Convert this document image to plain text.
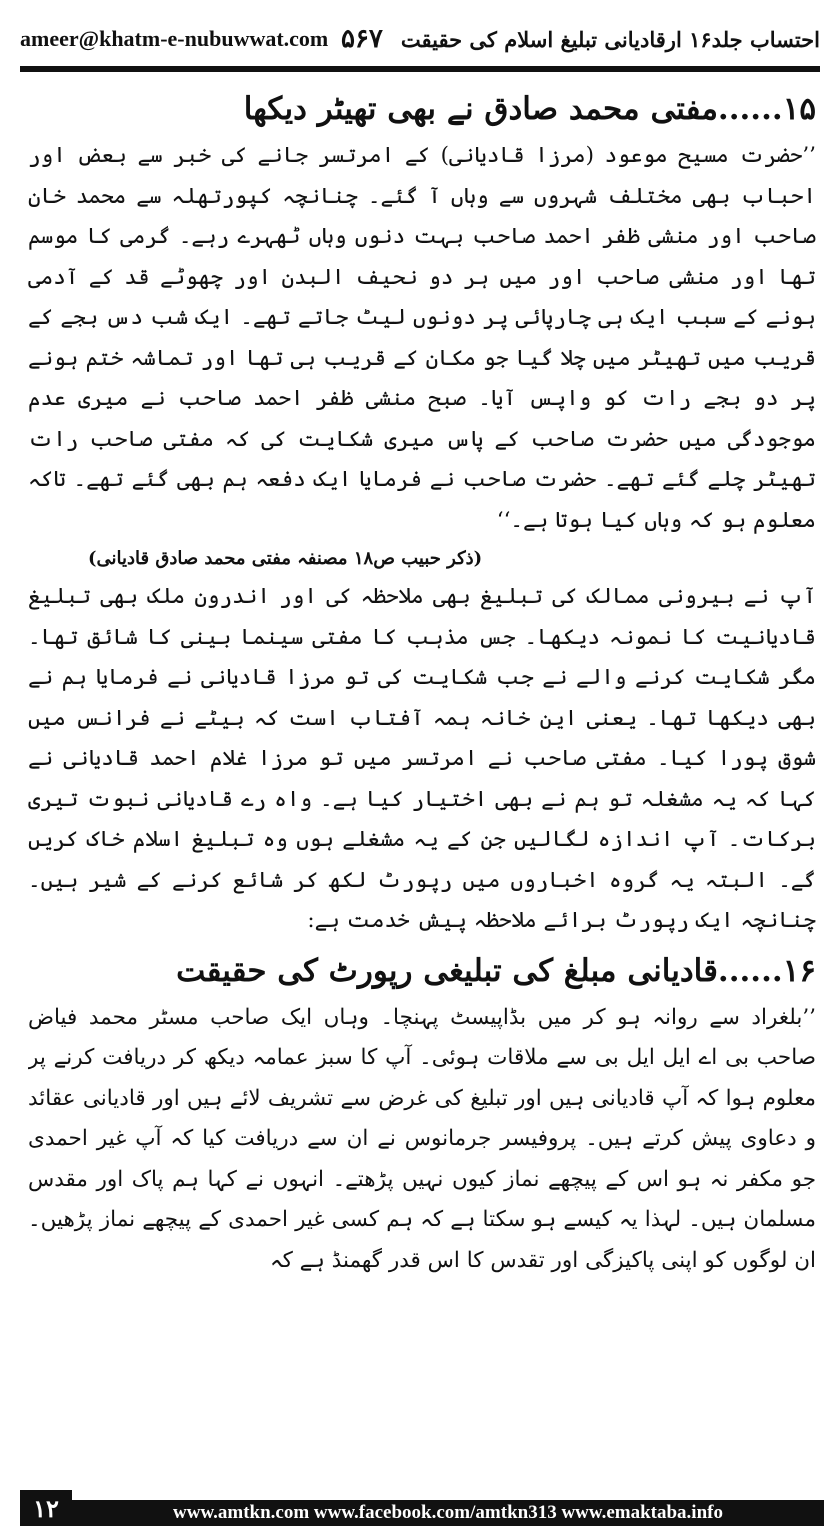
ameer@khatm-e-nubuwwat.com	احتساب جلد۱۶ ارقادیانی تبلیغ اسلام کی حقیقت
۵۶۷
۱۵......مفتی محمد صادق نے بھی تھیٹر دیکھا

’’حضرت مسیح موعود (مرزا قادیانی) کے امرتسر جانے کی خبر سے بعض اور احباب بھی مختلف شہروں سے وہاں آ گئے۔ چنانچہ کپورتھلہ سے محمد خان صاحب اور منشی ظفر احمد صاحب بہت دنوں وہاں ٹھہرے رہے۔ گرمی کا موسم تھا اور منشی صاحب اور میں ہر دو نحیف البدن اور چھوٹے قد کے آدمی ہونے کے سبب ایک ہی چارپائی پر دونوں لیٹ جاتے تھے۔ ایک شب دس بجے کے قریب میں تھیٹر میں چلا گیا جو مکان کے قریب ہی تھا اور تماشہ ختم ہونے پر دو بجے رات کو واپس آیا۔ صبح منشی ظفر احمد صاحب نے میری عدم موجودگی میں حضرت صاحب کے پاس میری شکایت کی کہ مفتی صاحب رات تھیٹر چلے گئے تھے۔ حضرت صاحب نے فرمایا ایک دفعہ ہم بھی گئے تھے۔ تاکہ معلوم ہو کہ وہاں کیا ہوتا ہے۔‘‘

(ذکر حبیب ص۱۸ مصنفہ مفتی محمد صادق قادیانی)

آپ نے بیرونی ممالک کی تبلیغ بھی ملاحظہ کی اور اندرون ملک بھی تبلیغ قادیانیت کا نمونہ دیکھا۔ جس مذہب کا مفتی سینما بینی کا شائق تھا۔ مگر شکایت کرنے والے نے جب شکایت کی تو مرزا قادیانی نے فرمایا ہم نے بھی دیکھا تھا۔ یعنی این خانہ ہمہ آفتاب است کہ بیٹے نے فرانس میں شوق پورا کیا۔ مفتی صاحب نے امرتسر میں تو مرزا غلام احمد قادیانی نے کہا کہ یہ مشغلہ تو ہم نے بھی اختیار کیا ہے۔ واہ رے قادیانی نبوت تیری برکات۔ آپ اندازہ لگالیں جن کے یہ مشغلے ہوں وہ تبلیغ اسلام خاک کریں گے۔ البتہ یہ گروہ اخباروں میں رپورٹ لکھ کر شائع کرنے کے شیر ہیں۔ چنانچہ ایک رپورٹ برائے ملاحظہ پیش خدمت ہے:

۱۶......قادیانی مبلغ کی تبلیغی رپورٹ کی حقیقت

’’بلغراد سے روانہ ہو کر میں بڈاپیسٹ پہنچا۔ وہاں ایک صاحب مسٹر محمد فیاض صاحب بی اے ایل ایل بی سے ملاقات ہوئی۔ آپ کا سبز عمامہ دیکھ کر دریافت کرنے پر معلوم ہوا کہ آپ قادیانی ہیں اور تبلیغ کی غرض سے تشریف لائے ہیں اور قادیانی عقائد و دعاوی پیش کرتے ہیں۔ پروفیسر جرمانوس نے ان سے دریافت کیا کہ آپ غیر احمدی جو مکفر نہ ہو اس کے پیچھے نماز کیوں نہیں پڑھتے۔ انہوں نے کہا ہم پاک اور مقدس مسلمان ہیں۔ لہذا یہ کیسے ہو سکتا ہے کہ ہم کسی غیر احمدی کے پیچھے نماز پڑھیں۔ ان لوگوں کو اپنی پاکیزگی اور تقدس کا اس قدر گھمنڈ ہے کہ

۱۲	www.amtkn.com www.facebook.com/amtkn313 www.emaktaba.info
